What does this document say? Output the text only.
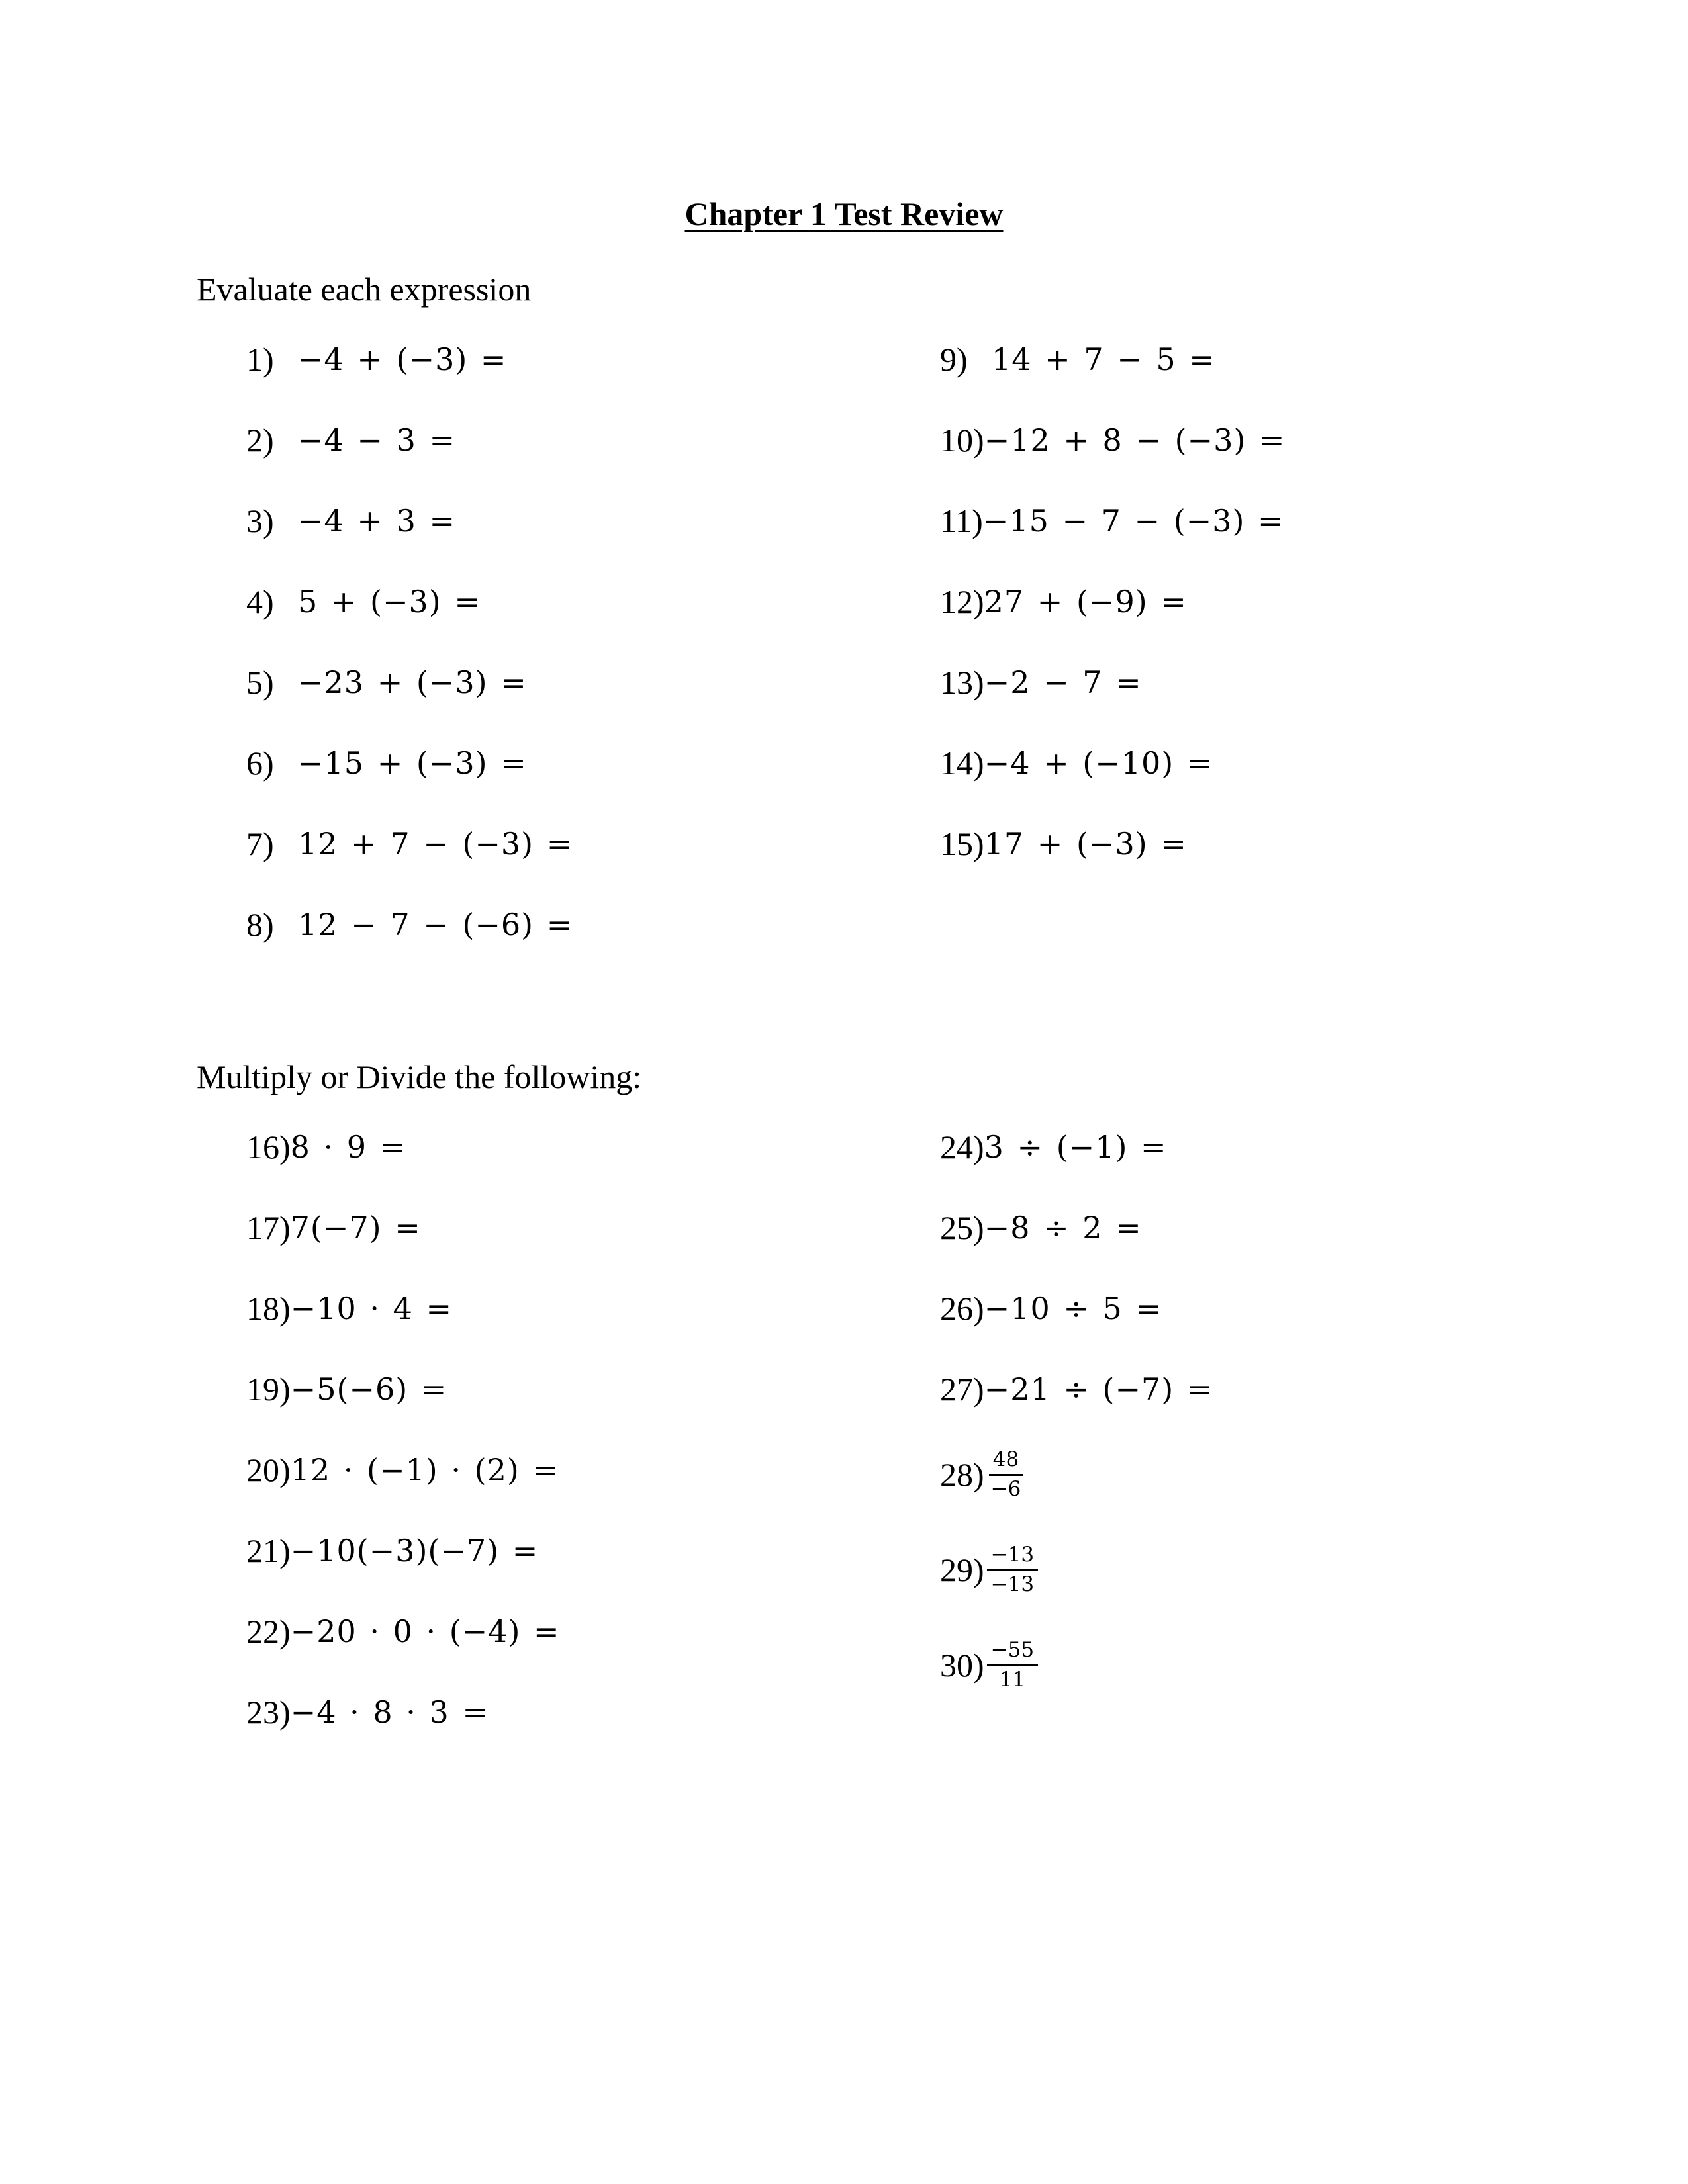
Chapter 1 Test Review
Evaluate each expression
1) −4 + (−3) =
2) −4 − 3 =
3) −4 + 3 =
4) 5 + (−3) =
5) −23 + (−3) =
6) −15 + (−3) =
7) 12 + 7 − (−3) =
8) 12 − 7 − (−6) =
9) 14 + 7 − 5 =
10) −12 + 8 − (−3) =
11) −15 − 7 − (−3) =
12) 27 + (−9) =
13) −2 − 7 =
14) −4 + (−10) =
15) 17 + (−3) =
Multiply or Divide the following:
16) 8 · 9 =
17) 7(−7) =
18) −10 · 4 =
19) −5(−6) =
20) 12 · (−1) · (2) =
21) −10(−3)(−7) =
22) −20 · 0 · (−4) =
23) −4 · 8 · 3 =
24) 3 ÷ (−1) =
25) −8 ÷ 2 =
26) −10 ÷ 5 =
27) −21 ÷ (−7) =
$28) \frac{48}{-6}$
$29) \frac{-13}{-13}$
$30) \frac{-55}{11}$
